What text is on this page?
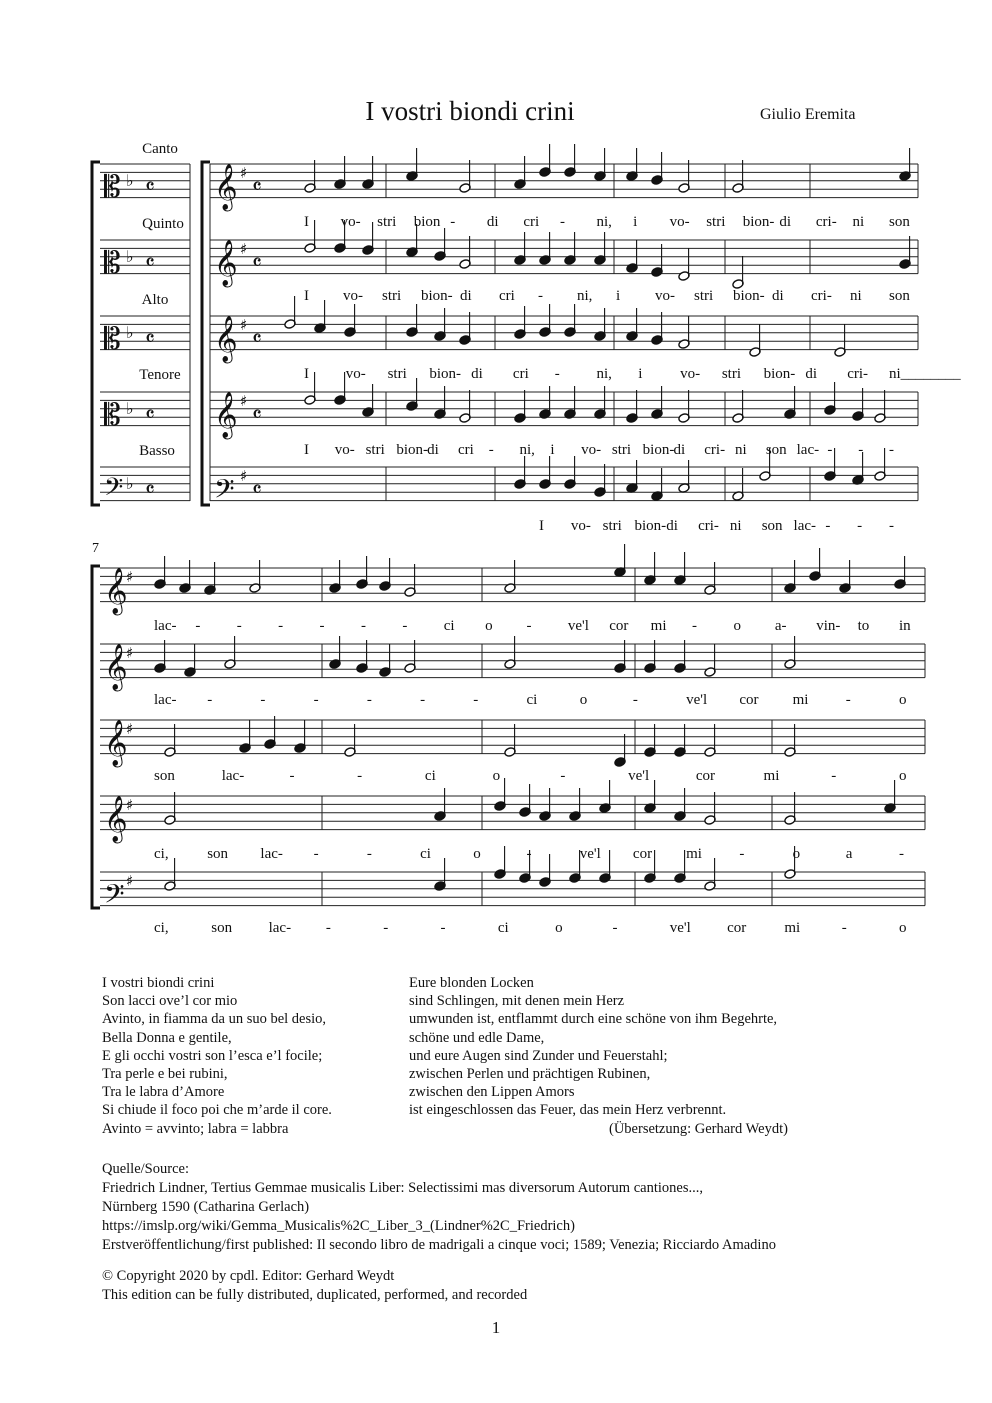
I vostri biondi crini	Giulio Eremita
𝄡 ♭ 𝄴 𝄞 ♯
𝄴
𝄡 ♭ 𝄴 𝄞 ♯
𝄴
𝄡 ♭ 𝄴 𝄞 ♯
𝄴
𝄡 ♭ 𝄴 𝄞 ♯
𝄴
𝄢 ♭ 𝄴 𝄢 ♯
𝄴
Canto
Quinto
Alto
Tenore
Basso
I vo- stri bion - di cri - ni, i vo- stri bion- di cri- ni son
I vo- stri bion- di cri - ni, i vo- stri bion- di cri- ni son
I vo- stri bion- di cri - ni, i	vo- stri bion- di cri- ni________
I vo- stri bion- di cri - ni, i vo- stri bion- di cri- ni son lac- - - -
I vo- stri bion- di cri- ni son lac- - - -
𝄞
♯
𝄞
♯
𝄞
♯
𝄞
♯
𝄢 ♯
7
lac- - - - - - - ci o - ve'l cor mi - o a- vin- to in
lac- -	-	-	-	-	-	ci	o	-	ve'l cor mi -	o
son	lac-	-	-	ci	o	-	ve'l	cor	mi	-	o
ci,	son lac- -	-	ci	o	-	ve'l cor mi -	o	a	-
ci,	son lac- -	-	-	ci	o	-	ve'l cor	mi	-	o
I vostri biondi crini
Son lacci ove’l cor mio
Avinto, in fiamma da un suo bel desio,
Bella Donna e gentile,
E gli occhi vostri son l’esca e’l focile;
Tra perle e bei rubini,
Tra le labra d’Amore
Si chiude il foco poi che m’arde il core.
Avinto = avvinto; labra = labbra
Eure blonden Locken
sind Schlingen, mit denen mein Herz
umwunden ist, entflammt durch eine schöne von ihm Begehrte,
schöne und edle Dame,
und eure Augen sind Zunder und Feuerstahl;
zwischen Perlen und prächtigen Rubinen,
zwischen den Lippen Amors
ist eingeschlossen das Feuer, das mein Herz verbrennt.
(Übersetzung: Gerhard Weydt)
Quelle/Source:
Friedrich Lindner, Tertius Gemmae musicalis Liber: Selectissimi mas diversorum Autorum cantiones...,
Nürnberg 1590 (Catharina Gerlach)
https://imslp.org/wiki/Gemma_Musicalis%2C_Liber_3_(Lindner%2C_Friedrich)
Erstveröffentlichung/first published: Il secondo libro de madrigali a cinque voci; 1589; Venezia; Ricciardo Amadino
© Copyright 2020 by cpdl. Editor: Gerhard Weydt
This edition can be fully distributed, duplicated, performed, and recorded
1
